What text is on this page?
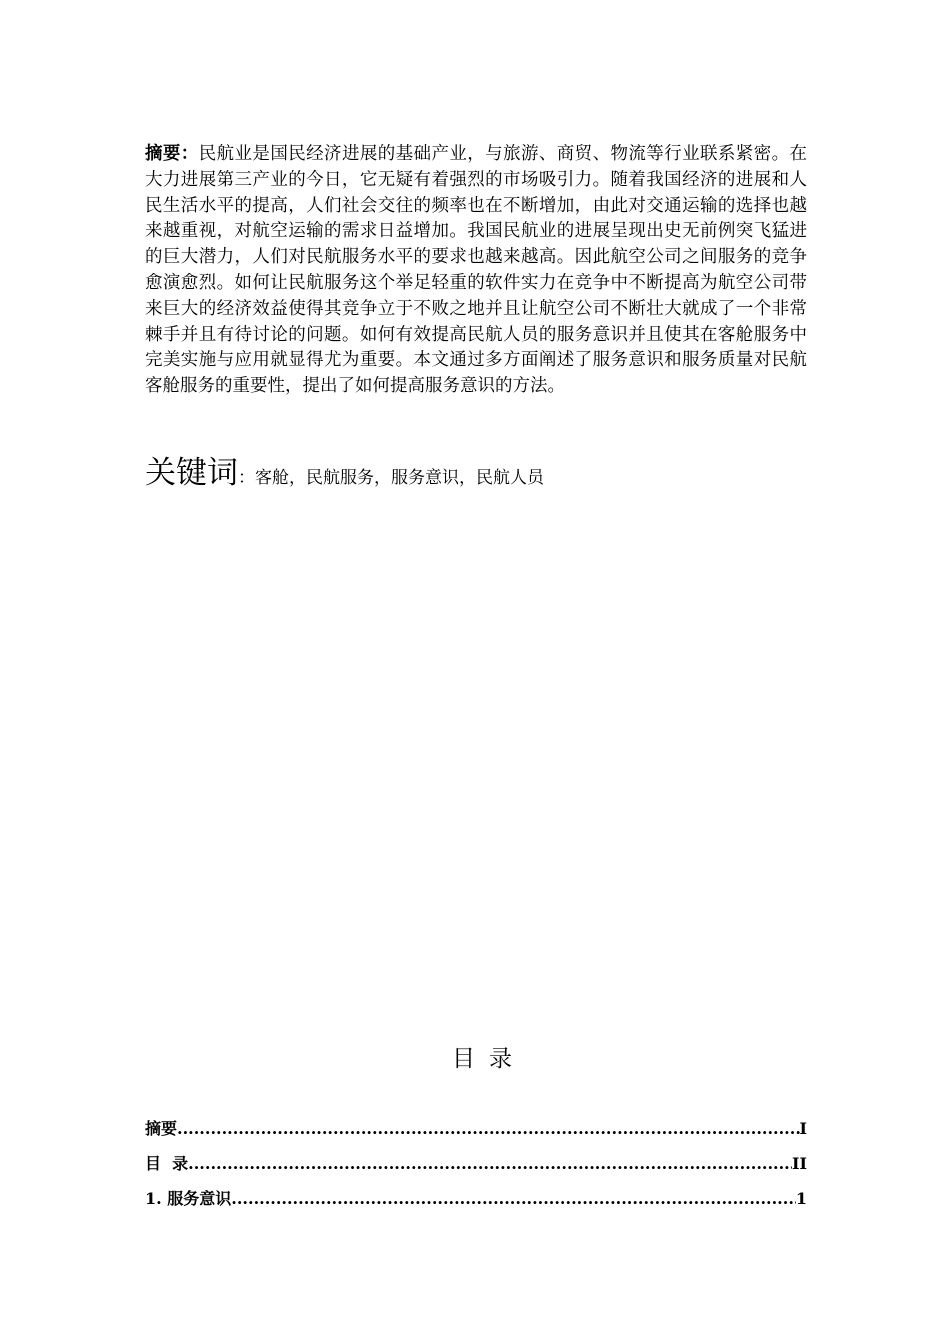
摘要：民航业是国民经济进展的基础产业，与旅游、商贸、物流等行业联系紧密。在大力进展第三产业的今日，它无疑有着强烈的市场吸引力。随着我国经济的进展和人民生活水平的提高，人们社会交往的频率也在不断增加，由此对交通运输的选择也越来越重视，对航空运输的需求日益增加。我国民航业的进展呈现出史无前例突飞猛进的巨大潜力，人们对民航服务水平的要求也越来越高。因此航空公司之间服务的竞争愈演愈烈。如何让民航服务这个举足轻重的软件实力在竞争中不断提高为航空公司带来巨大的经济效益使得其竞争立于不败之地并且让航空公司不断壮大就成了一个非常棘手并且有待讨论的问题。如何有效提高民航人员的服务意识并且使其在客舱服务中完美实施与应用就显得尤为重要。本文通过多方面阐述了服务意识和服务质量对民航客舱服务的重要性，提出了如何提高服务意识的方法。

关键词：客舱，民航服务，服务意识，民航人员
目录
摘要 .....	I
目  录 .....	II
1. 服务意识 .....	1
